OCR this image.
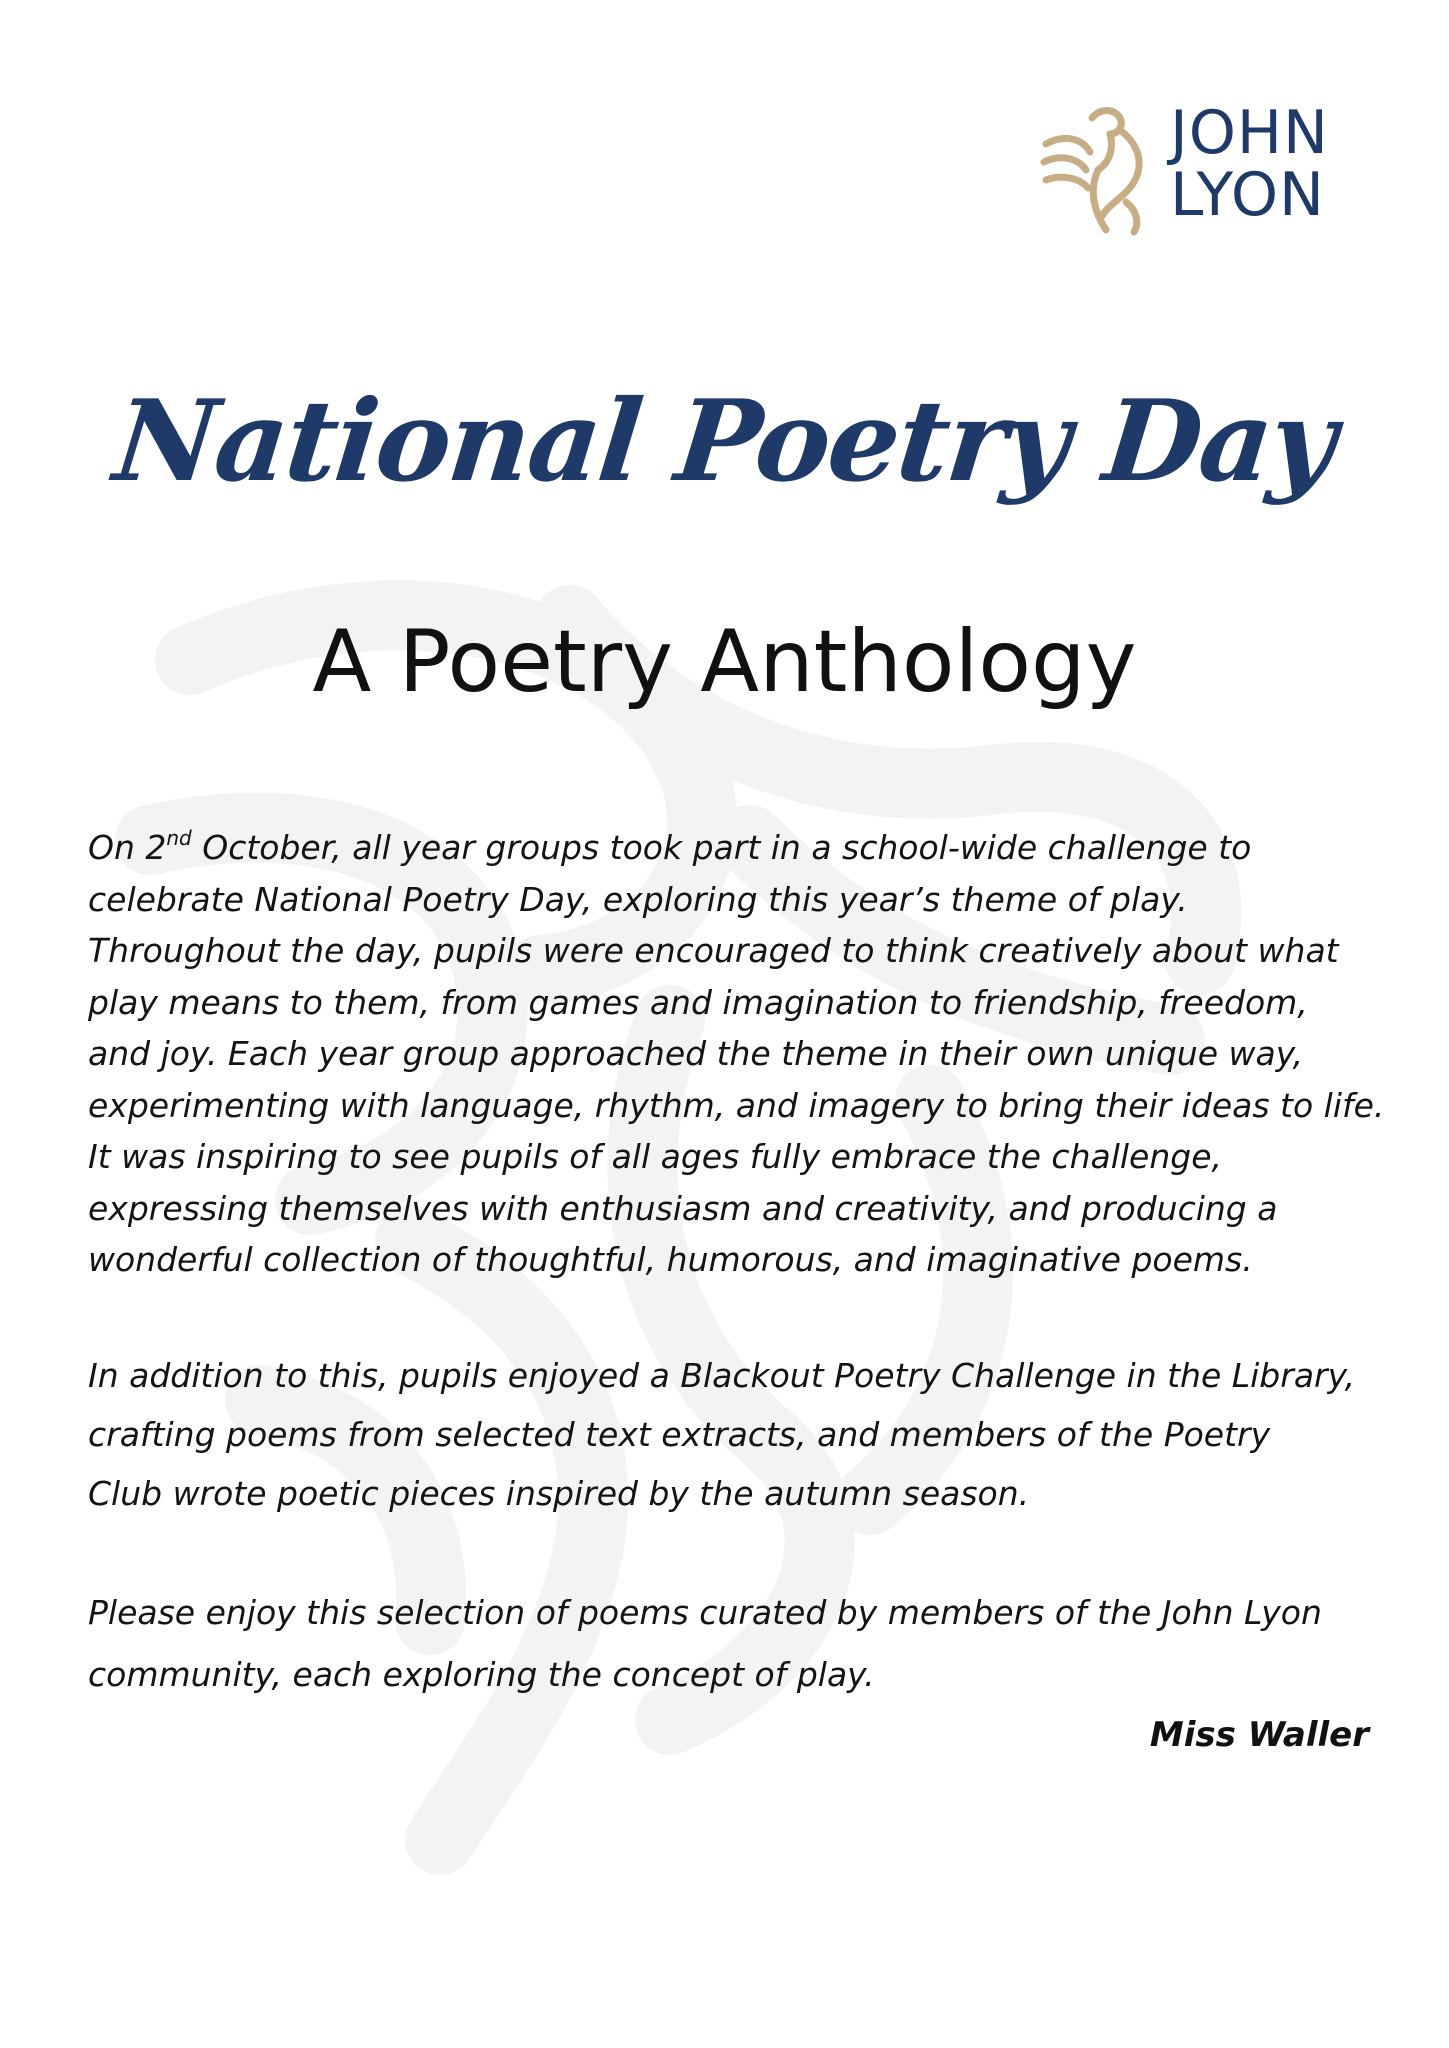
JOHN
LYON
National Poetry Day
A Poetry Anthology
On 2nd October, all year groups took part in a school-wide challenge to
celebrate National Poetry Day, exploring this year’s theme of play.
Throughout the day, pupils were encouraged to think creatively about what
play means to them, from games and imagination to friendship, freedom,
and joy. Each year group approached the theme in their own unique way,
experimenting with language, rhythm, and imagery to bring their ideas to life.
It was inspiring to see pupils of all ages fully embrace the challenge,
expressing themselves with enthusiasm and creativity, and producing a
wonderful collection of thoughtful, humorous, and imaginative poems.
In addition to this, pupils enjoyed a Blackout Poetry Challenge in the Library,
crafting poems from selected text extracts, and members of the Poetry
Club wrote poetic pieces inspired by the autumn season.
Please enjoy this selection of poems curated by members of the John Lyon
community, each exploring the concept of play.
Miss Waller
